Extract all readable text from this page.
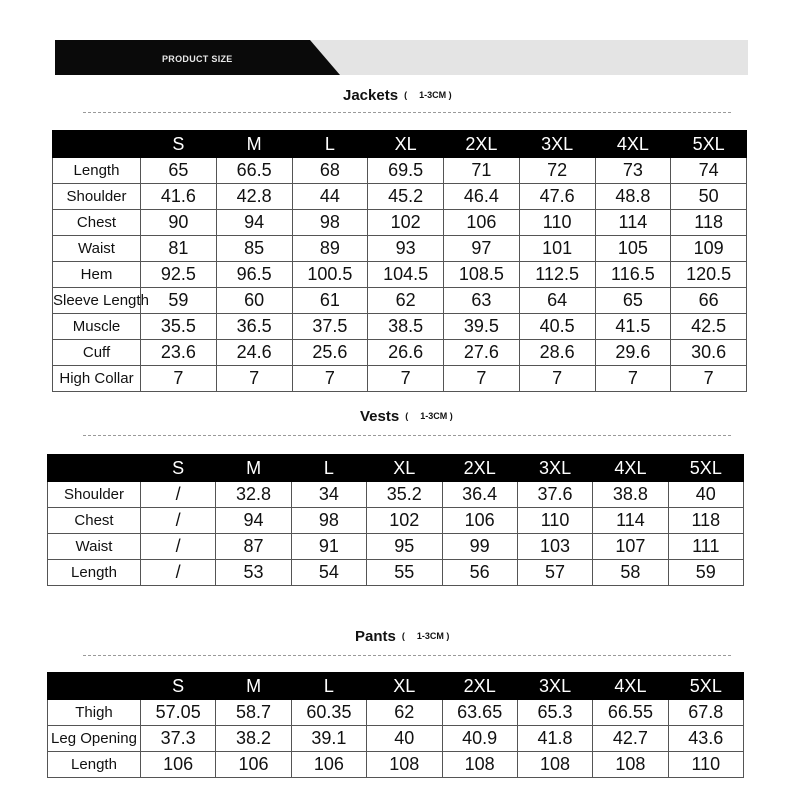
PRODUCT SIZE
Jackets ( 1-3CM )
	S	M	L	XL	2XL	3XL	4XL	5XL
Length	65	66.5	68	69.5	71	72	73	74
Shoulder	41.6	42.8	44	45.2	46.4	47.6	48.8	50
Chest	90	94	98	102	106	110	114	118
Waist	81	85	89	93	97	101	105	109
Hem	92.5	96.5	100.5	104.5	108.5	112.5	116.5	120.5
Sleeve Length	59	60	61	62	63	64	65	66
Muscle	35.5	36.5	37.5	38.5	39.5	40.5	41.5	42.5
Cuff	23.6	24.6	25.6	26.6	27.6	28.6	29.6	30.6
High Collar	7	7	7	7	7	7	7	7
Vests ( 1-3CM )
	S	M	L	XL	2XL	3XL	4XL	5XL
Shoulder	/	32.8	34	35.2	36.4	37.6	38.8	40
Chest	/	94	98	102	106	110	114	118
Waist	/	87	91	95	99	103	107	111
Length	/	53	54	55	56	57	58	59
Pants ( 1-3CM )
	S	M	L	XL	2XL	3XL	4XL	5XL
Thigh	57.05	58.7	60.35	62	63.65	65.3	66.55	67.8
Leg Opening	37.3	38.2	39.1	40	40.9	41.8	42.7	43.6
Length	106	106	106	108	108	108	108	110
